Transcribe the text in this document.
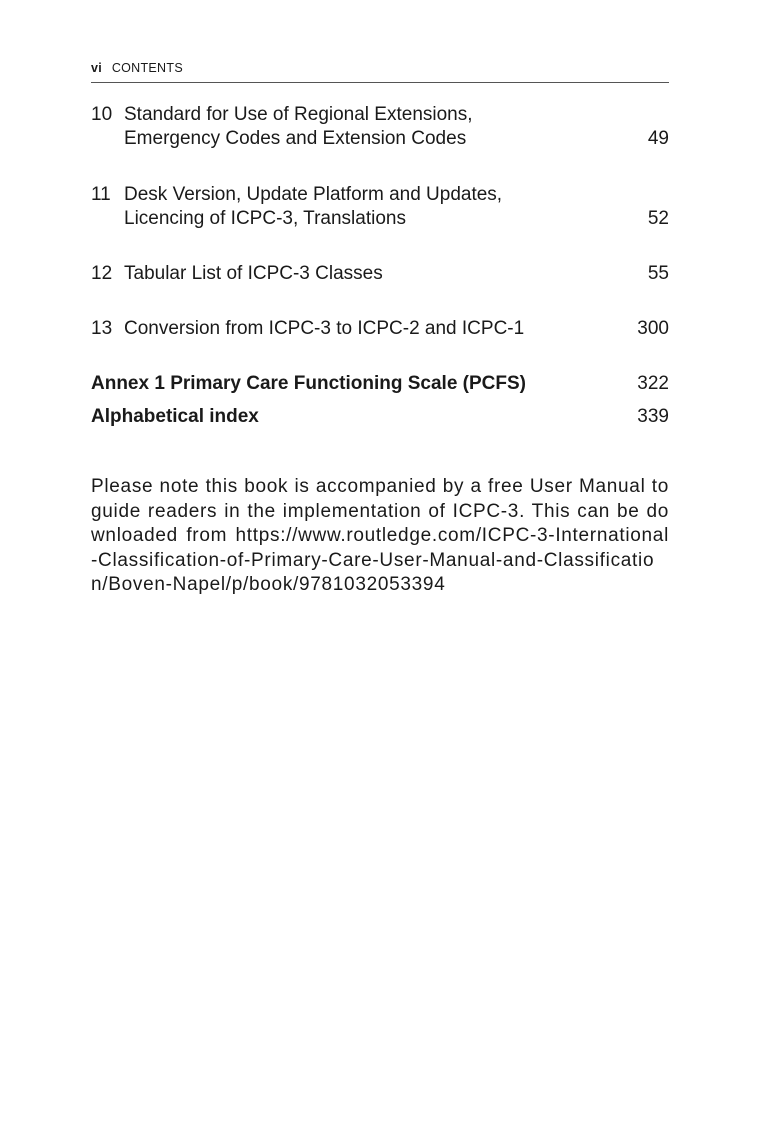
vi CONTENTS
10 Standard for Use of Regional Extensions,
Emergency Codes and Extension Codes	49
11 Desk Version, Update Platform and Updates,
Licencing of ICPC-3, Translations	52
12 Tabular List of ICPC-3 Classes	55
13 Conversion from ICPC-3 to ICPC-2 and ICPC-1	300
Annex 1 Primary Care Functioning Scale (PCFS)	322
Alphabetical index	339

Please note this book is accompanied by a free User Manual to guide readers in the implementation of ICPC-3. This can be downloaded from https://www.routledge.com/ICPC-3-International-Classification-of-Primary-Care-User-Manual-and-Classification/Boven-Napel/p/book/9781032053394
